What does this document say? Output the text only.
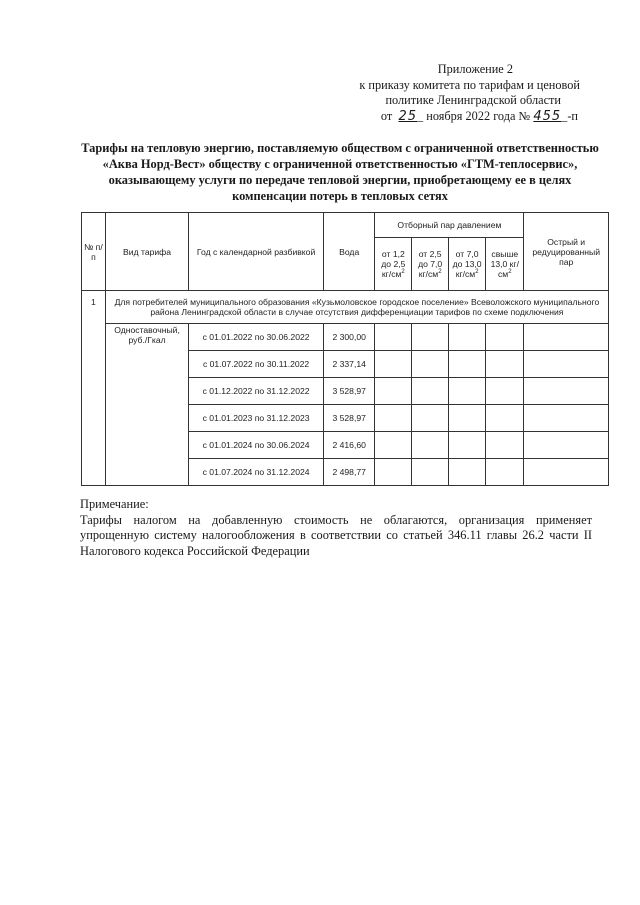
Приложение 2
к приказу комитета по тарифам и ценовой
политике Ленинградской области
от 25_ ноября 2022 года № 455_-п
Тарифы на тепловую энергию, поставляемую обществом с ограниченной ответственностью
«Аква Норд-Вест» обществу с ограниченной ответственностью «ГТМ-теплосервис»,
оказывающему услуги по передаче тепловой энергии, приобретающему ее в целях
компенсации потерь в тепловых сетях
№ п/п	Вид тарифа	Год с календарной разбивкой	Вода	Отборный пар давлением				Острый и редуцированный пар
				от 1,2 до 2,5 $кг/см^2$	от 2,5 до 7,0 $кг/см^2$	от 7,0 до 13,0 $кг/см^2$	свыше 13,0 $кг/см^2$
1	Для потребителей муниципального образования «Кузьмоловское городское поселение» Всеволожского муниципального района Ленинградской области в случае отсутствия дифференциации тарифов по схеме подключения							
	Одноставочный, руб./Гкал	с 01.01.2022 по 30.06.2022	2 300,00					
		с 01.07.2022 по 30.11.2022	2 337,14					
		с 01.12.2022 по 31.12.2022	3 528,97					
		с 01.01.2023 по 31.12.2023	3 528,97					
		с 01.01.2024 по 30.06.2024	2 416,60					
		с 01.07.2024 по 31.12.2024	2 498,77					
Примечание:
Тарифы налогом на добавленную стоимость не облагаются, организация применяет упрощенную систему налогообложения в соответствии со статьей 346.11 главы 26.2 части II Налогового кодекса Российской Федерации
